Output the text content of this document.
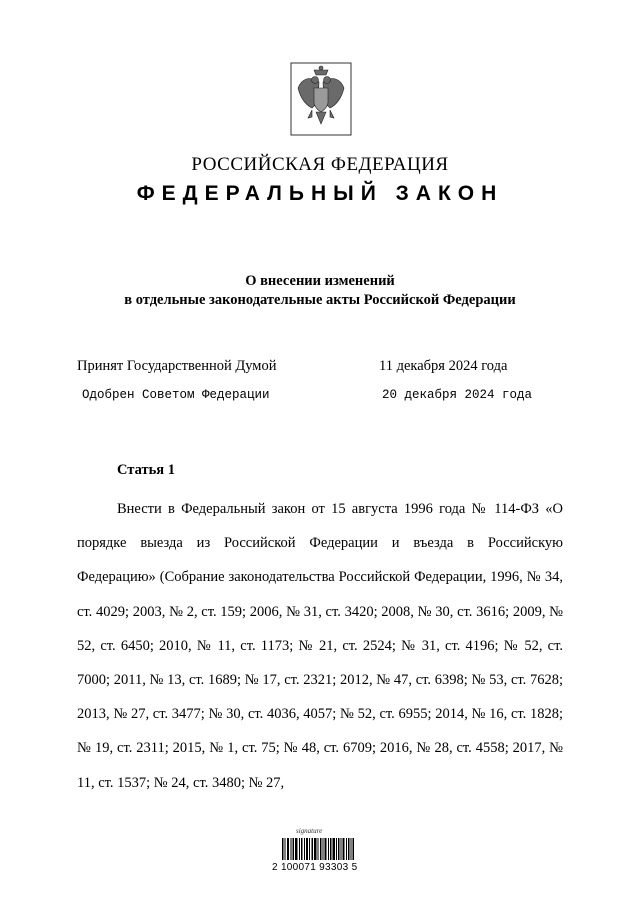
РОССИЙСКАЯ ФЕДЕРАЦИЯ
ФЕДЕРАЛЬНЫЙ ЗАКОН
О внесении изменений
в отдельные законодательные акты Российской Федерации
Принят Государственной Думой	11 декабря 2024 года
Одобрен Советом Федерации	20 декабря 2024 года
Статья 1

Внести в Федеральный закон от 15 августа 1996 года № 114-ФЗ «О порядке выезда из Российской Федерации и въезда в Российскую Федерацию» (Собрание законодательства Российской Федерации, 1996, № 34, ст. 4029; 2003, № 2, ст. 159; 2006, № 31, ст. 3420; 2008, № 30, ст. 3616; 2009, № 52, ст. 6450; 2010, № 11, ст. 1173; № 21, ст. 2524; № 31, ст. 4196; № 52, ст. 7000; 2011, № 13, ст. 1689; № 17, ст. 2321; 2012, № 47, ст. 6398; № 53, ст. 7628; 2013, № 27, ст. 3477; № 30, ст. 4036, 4057; № 52, ст. 6955; 2014, № 16, ст. 1828; № 19, ст. 2311; 2015, № 1, ст. 75; № 48, ст. 6709; 2016, № 28, ст. 4558; 2017, № 11, ст. 1537; № 24, ст. 3480; № 27,

signature
2 100071 93303 5
